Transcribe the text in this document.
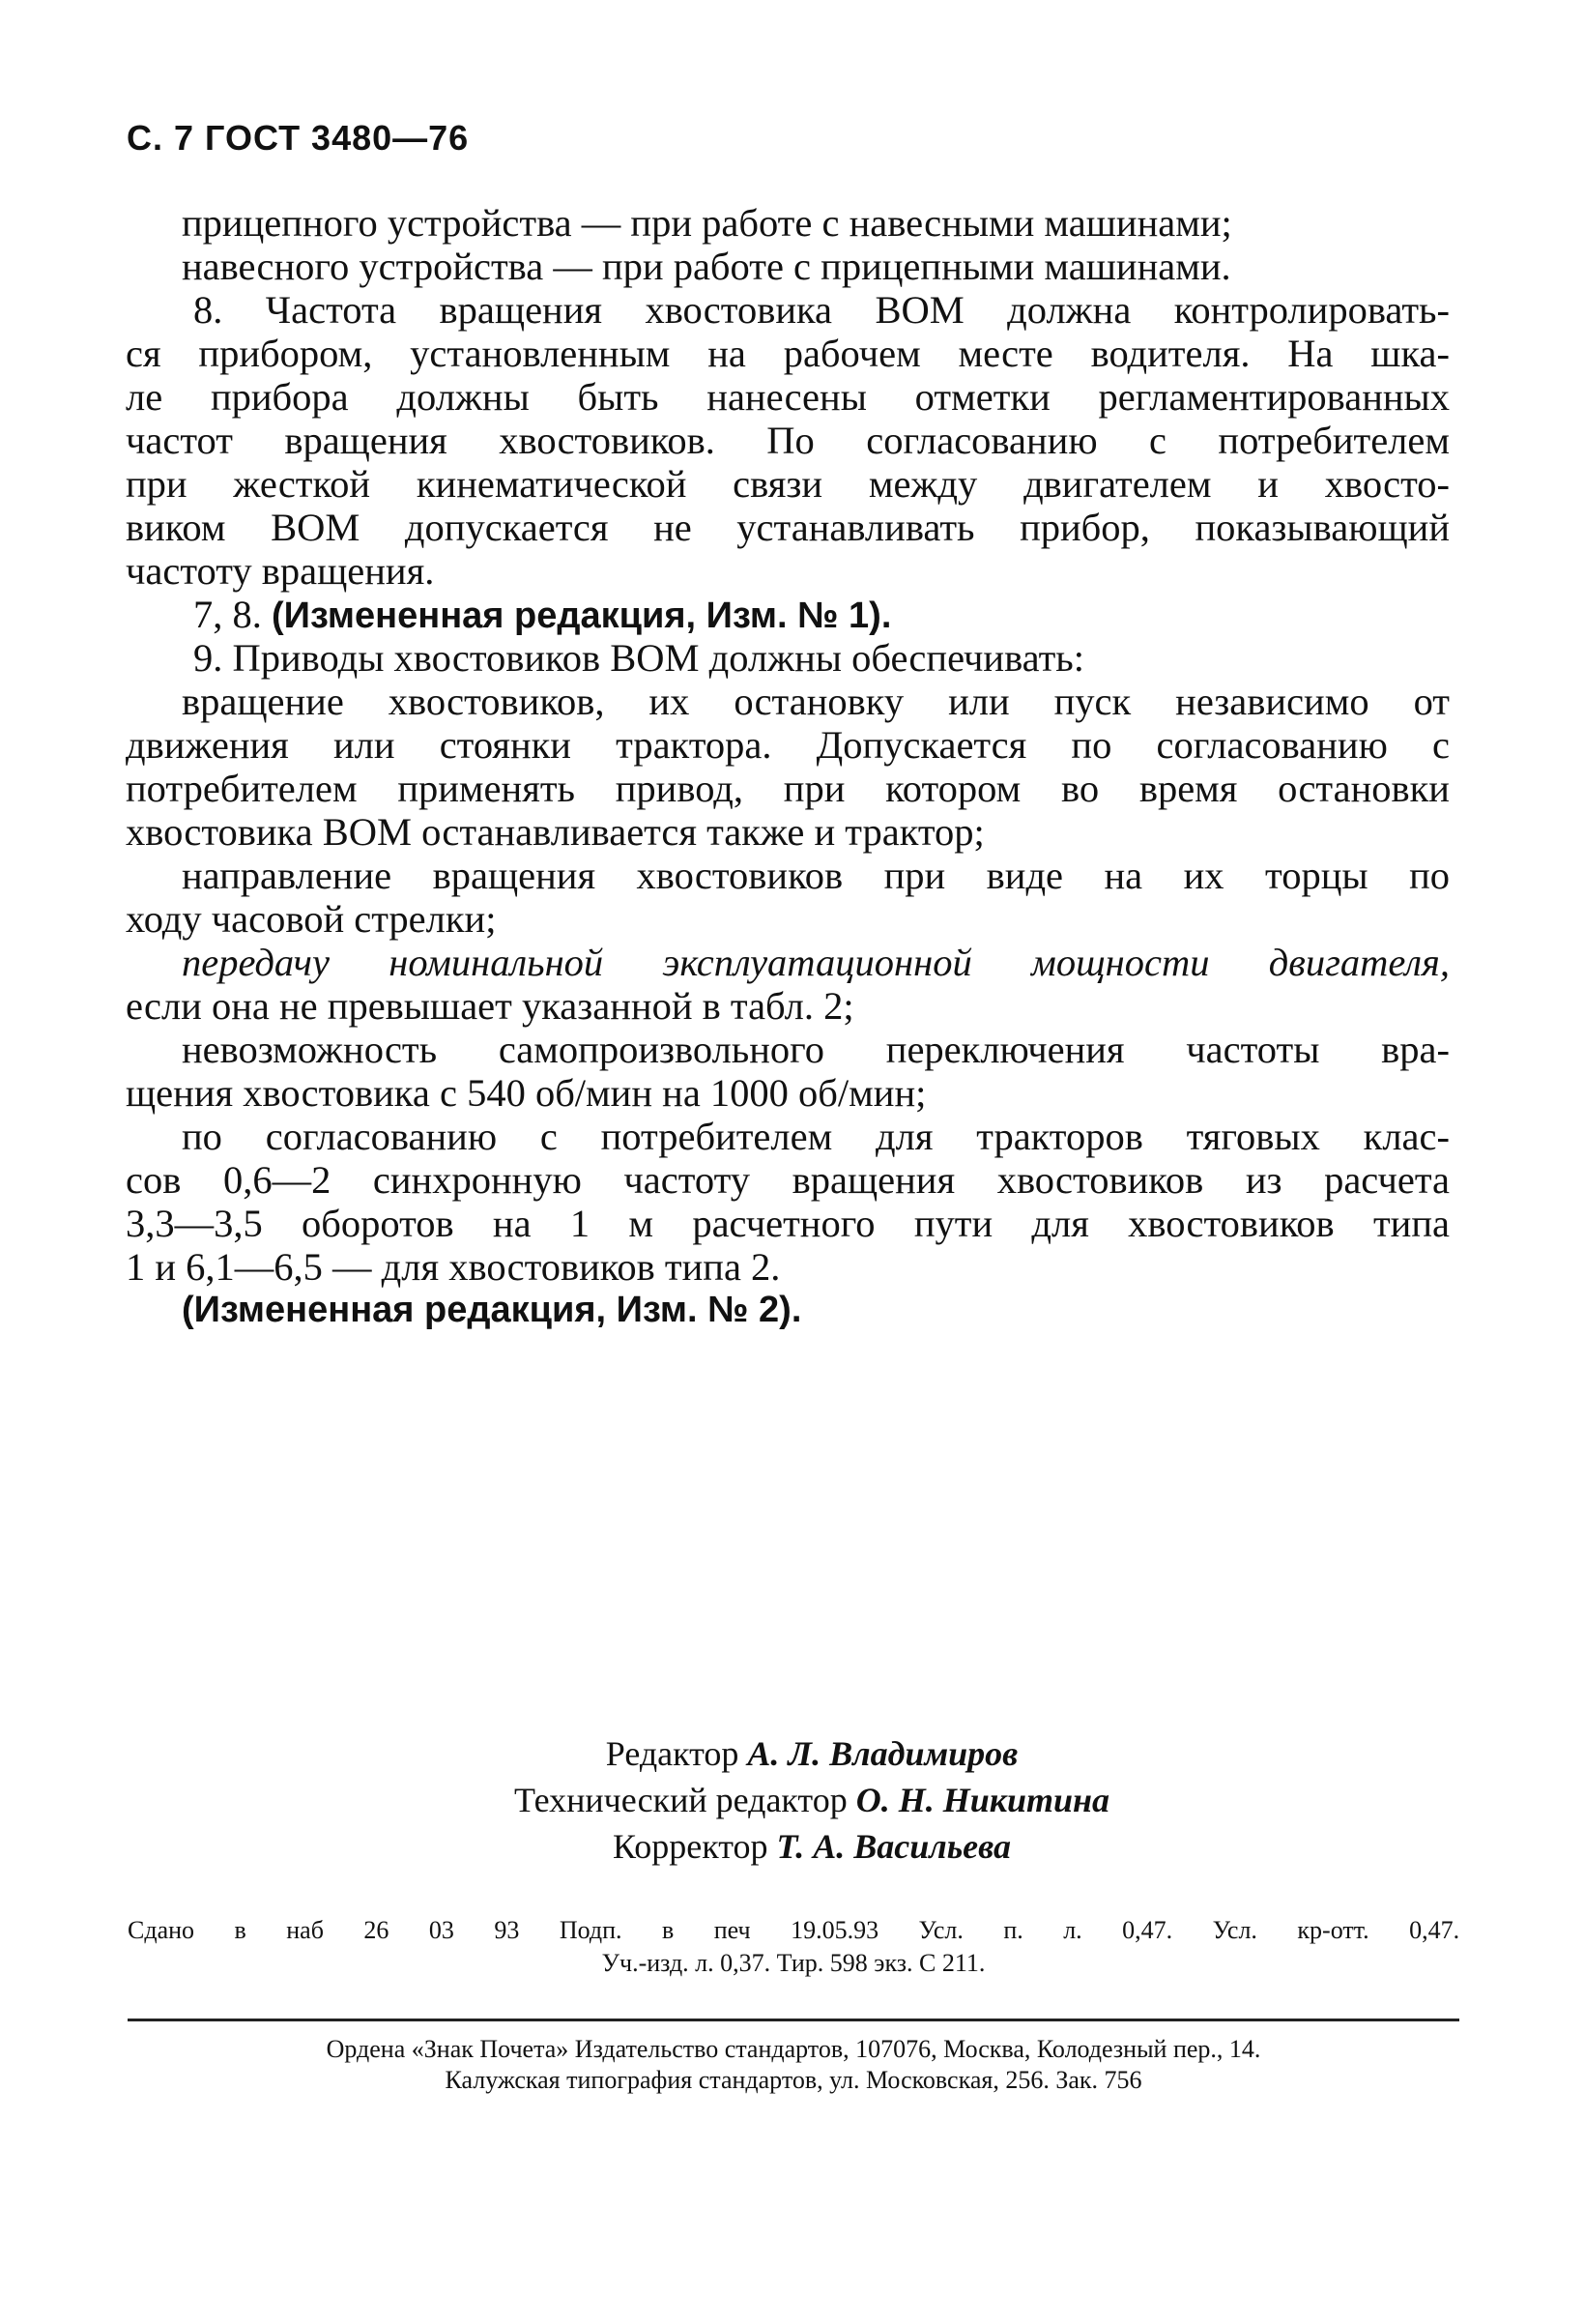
С. 7 ГОСТ 3480—76
прицепного устройства — при работе с навесными машинами;
навесного устройства — при работе с прицепными машинами.
8. Частота вращения хвостовика ВОМ должна контролировать-
ся прибором, установленным на рабочем месте водителя. На шка-
ле прибора должны быть нанесены отметки регламентированных
частот вращения хвостовиков. По согласованию с потребителем
при жесткой кинематической связи между двигателем и хвосто-
виком ВОМ допускается не устанавливать прибор, показывающий
частоту вращения.
7, 8. (Измененная редакция, Изм. № 1).
9. Приводы хвостовиков ВОМ должны обеспечивать:
вращение хвостовиков, их остановку или пуск независимо от
движения или стоянки трактора. Допускается по согласованию с
потребителем применять привод, при котором во время остановки
хвостовика ВОМ останавливается также и трактор;
направление вращения хвостовиков при виде на их торцы по
ходу часовой стрелки;
передачу номинальной эксплуатационной мощности двигателя,
если она не превышает указанной в табл. 2;
невозможность самопроизвольного переключения частоты вра-
щения хвостовика с 540 об/мин на 1000 об/мин;
по согласованию с потребителем для тракторов тяговых клас-
сов 0,6—2 синхронную частоту вращения хвостовиков из расчета
3,3—3,5 оборотов на 1 м расчетного пути для хвостовиков типа
1 и 6,1—6,5 — для хвостовиков типа 2.
(Измененная редакция, Изм. № 2).
Редактор А. Л. Владимиров
Технический редактор О. Н. Никитина
Корректор Т. А. Васильева
Сдано в наб 26 03 93 Подп. в печ 19.05.93 Усл. п. л. 0,47. Усл. кр-отт. 0,47.
Уч.-изд. л. 0,37. Тир. 598 экз. С 211.
Ордена «Знак Почета» Издательство стандартов, 107076, Москва, Колодезный пер., 14.
Калужская типография стандартов, ул. Московская, 256. Зак. 756
